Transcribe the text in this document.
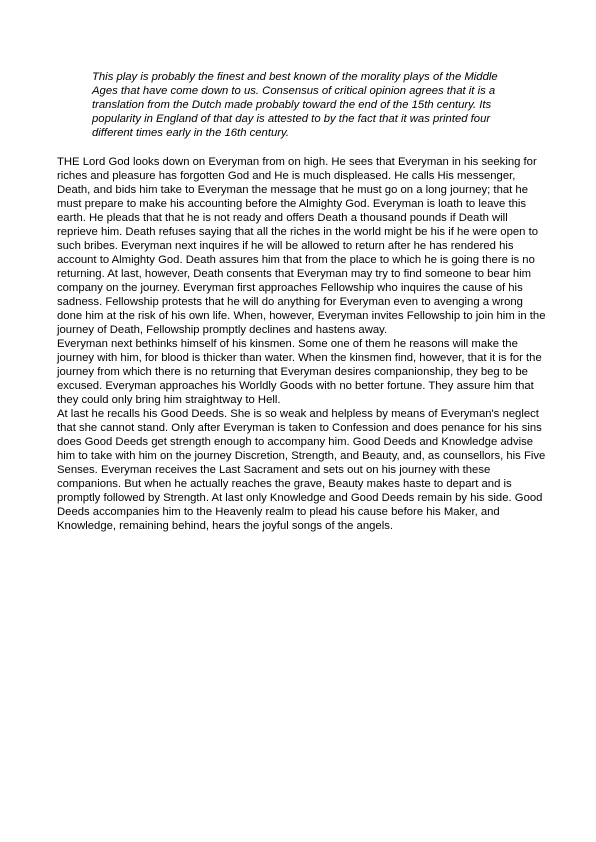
This play is probably the finest and best known of the morality plays of the Middle Ages that have come down to us. Consensus of critical opinion agrees that it is a translation from the Dutch made probably toward the end of the 15th century. Its popularity in England of that day is attested to by the fact that it was printed four different times early in the 16th century.

THE Lord God looks down on Everyman from on high. He sees that Everyman in his seeking for riches and pleasure has forgotten God and He is much displeased. He calls His messenger, Death, and bids him take to Everyman the message that he must go on a long journey; that he must prepare to make his accounting before the Almighty God. Everyman is loath to leave this earth. He pleads that that he is not ready and offers Death a thousand pounds if Death will reprieve him. Death refuses saying that all the riches in the world might be his if he were open to such bribes. Everyman next inquires if he will be allowed to return after he has rendered his account to Almighty God. Death assures him that from the place to which he is going there is no returning. At last, however, Death consents that Everyman may try to find someone to bear him company on the journey. Everyman first approaches Fellowship who inquires the cause of his sadness. Fellowship protests that he will do anything for Everyman even to avenging a wrong done him at the risk of his own life. When, however, Everyman invites Fellowship to join him in the journey of Death, Fellowship promptly declines and hastens away.

Everyman next bethinks himself of his kinsmen. Some one of them he reasons will make the journey with him, for blood is thicker than water. When the kinsmen find, however, that it is for the journey from which there is no returning that Everyman desires companionship, they beg to be excused. Everyman approaches his Worldly Goods with no better fortune. They assure him that they could only bring him straightway to Hell.

At last he recalls his Good Deeds. She is so weak and helpless by means of Everyman's neglect that she cannot stand. Only after Everyman is taken to Confession and does penance for his sins does Good Deeds get strength enough to accompany him. Good Deeds and Knowledge advise him to take with him on the journey Discretion, Strength, and Beauty, and, as counsellors, his Five Senses. Everyman receives the Last Sacrament and sets out on his journey with these companions. But when he actually reaches the grave, Beauty makes haste to depart and is promptly followed by Strength. At last only Knowledge and Good Deeds remain by his side. Good Deeds accompanies him to the Heavenly realm to plead his cause before his Maker, and Knowledge, remaining behind, hears the joyful songs of the angels.
